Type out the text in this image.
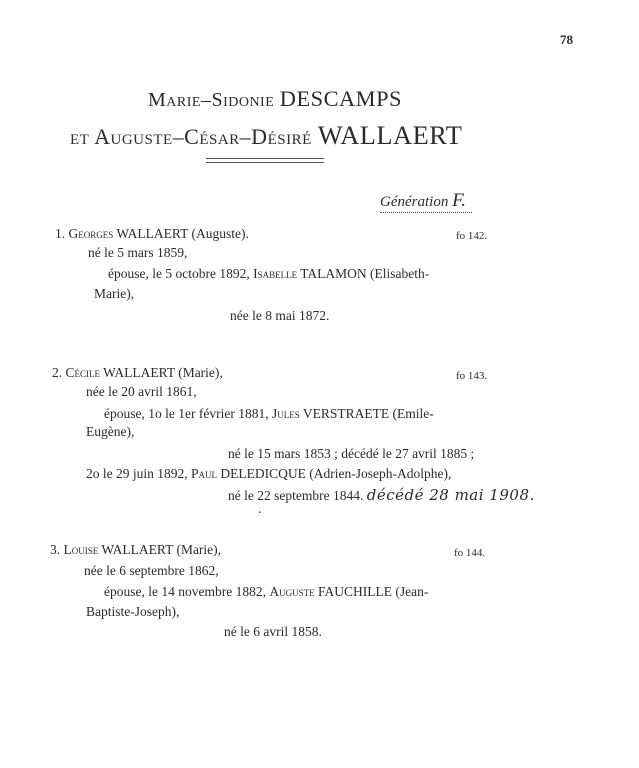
78
Marie–Sidonie DESCAMPS
et Auguste–César–Désiré WALLAERT
Génération F.
1. Georges WALLAERT (Auguste).	fo 142.
né le 5 mars 1859,
épouse, le 5 octobre 1892, Isabelle TALAMON (Elisabeth-
Marie),
née le 8 mai 1872.
2. Cécile WALLAERT (Marie),	fo 143.
née le 20 avril 1861,
épouse, 1o le 1er février 1881, Jules VERSTRAETE (Emile-
Eugène),
né le 15 mars 1853 ; décédé le 27 avril 1885 ;
2o le 29 juin 1892, Paul DELEDICQUE (Adrien-Joseph-Adolphe),
né le 22 septembre 1844. décédé 28 mai 1908.
.
3. Louise WALLAERT (Marie),	fo 144.
née le 6 septembre 1862,
épouse, le 14 novembre 1882, Auguste FAUCHILLE (Jean-
Baptiste-Joseph),
né le 6 avril 1858.
